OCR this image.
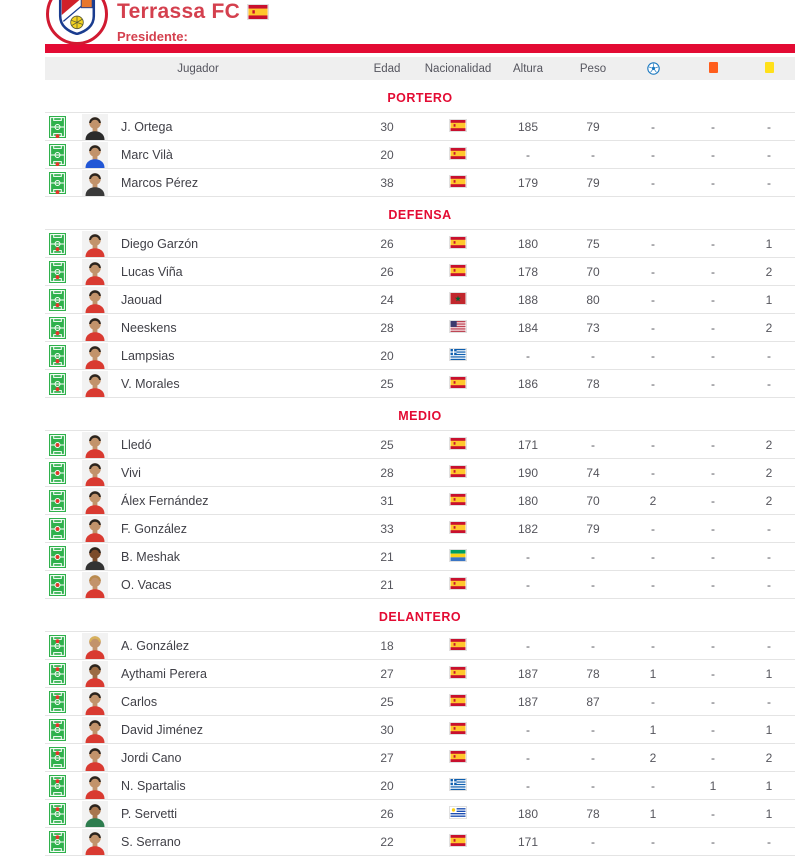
Terrassa FC
Presidente:
Jugador	Edad	Nacionalidad	Altura	Peso
PORTERO
J. Ortega	30	185	79	-	-	-
Marc Vilà	20	-	-	-	-	-
Marcos Pérez	38	179	79	-	-	-
DEFENSA
Diego Garzón	26	180	75	-	-	1
Lucas Viña	26	178	70	-	-	2
Jaouad	24	188	80	-	-	1
Neeskens	28	184	73	-	-	2
Lampsias	20	-	-	-	-	-
V. Morales	25	186	78	-	-	-
MEDIO
Lledó	25	171	-	-	-	2
Vivi	28	190	74	-	-	2
Álex Fernández	31	180	70	2	-	2
F. González	33	182	79	-	-	-
B. Meshak	21	-	-	-	-	-
O. Vacas	21	-	-	-	-	-
DELANTERO
A. González	18	-	-	-	-	-
Aythami Perera	27	187	78	1	-	1
Carlos	25	187	87	-	-	-
David Jiménez	30	-	-	1	-	1
Jordi Cano	27	-	-	2	-	2
N. Spartalis	20	-	-	-	1	1
P. Servetti	26	180	78	1	-	1
S. Serrano	22	171	-	-	-	-
